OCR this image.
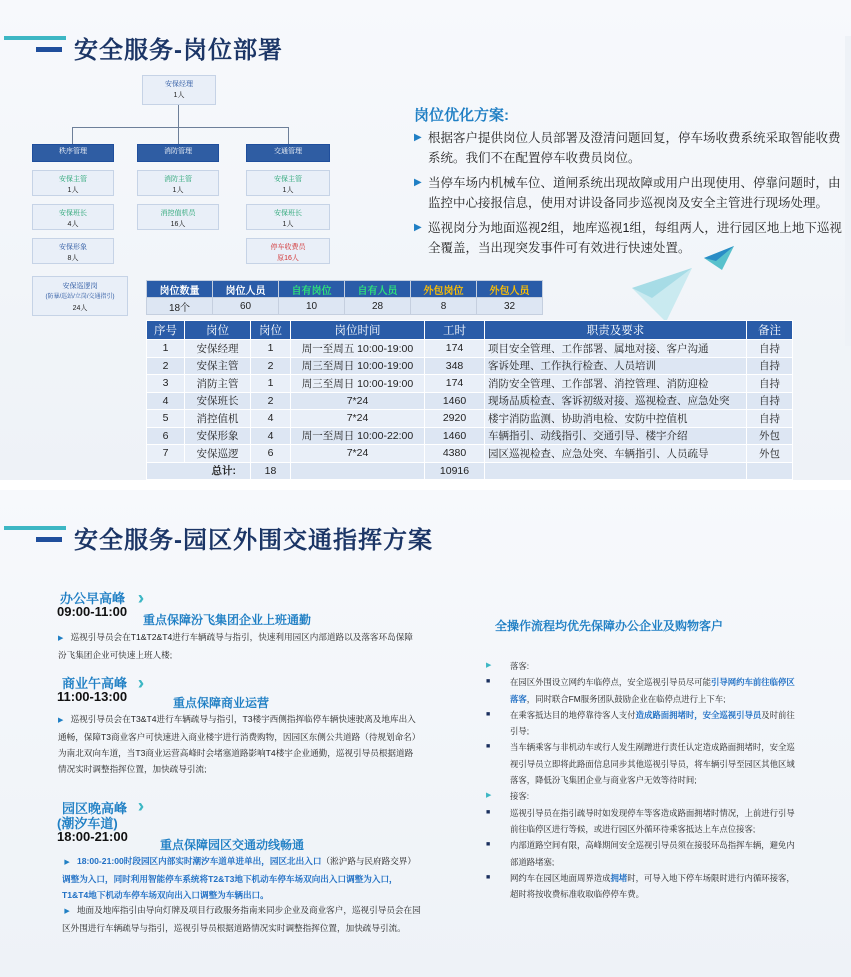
安全服务-岗位部署
安保经理
1人
秩序管理	消防管理	交通管理
安保主管
1人
安保班长
4人
安保形象
8人
安保巡逻岗
(防暴/巡站/立岗/交通指引)
24人
消防主管
1人
消控值机员
16人
安保主管
1人
安保班长
1人
停车收费员
原16人
岗位优化方案:
▶ 根据客户提供岗位人员部署及澄清问题回复，停车场收费系统采取智能收费系统。我们不在配置停车收费员岗位。
▶ 当停车场内机械车位、道闸系统出现故障或用户出现使用、停靠问题时，由监控中心接报信息，使用对讲设备同步巡视岗及安全主管进行现场处理。
▶ 巡视岗分为地面巡视2组，地库巡视1组，每组两人，进行园区地上地下巡视全覆盖，当出现突发事件可有效进行快速处置。
岗位数量	岗位人员	自有岗位	自有人员	外包岗位	外包人员
18个	60	10	28	8	32
序号	岗位	岗位	岗位时间	工时	职责及要求	备注
1	安保经理	1	周一至周五 10:00-19:00	174	项目安全管理、工作部署、属地对接、客户沟通	自持
2	安保主管	2	周三至周日 10:00-19:00	348	客诉处理、工作执行检查、人员培训	自持
3	消防主管	1	周三至周日 10:00-19:00	174	消防安全管理、工作部署、消控管理、消防迎检	自持
4	安保班长	2	7*24	1460	现场品质检查、客诉初级对接、巡视检查、应急处突	自持
5	消控值机	4	7*24	2920	楼宇消防监测、协助消电检、安防中控值机	自持
6	安保形象	4	周一至周日 10:00-22:00	1460	车辆指引、动线指引、交通引导、楼宇介绍	外包
7	安保巡逻	6	7*24	4380	园区巡视检查、应急处突、车辆指引、人员疏导	外包
总计:		18		10916		
安全服务-园区外围交通指挥方案
办公早高峰
09:00-11:00
重点保障汾飞集团企业上班通勤
▶ 巡视引导员会在T1&T2&T4进行车辆疏导与指引，快速利用园区内部道路以及落客环岛保障汾飞集团企业可快速上班人楼;
商业午高峰
11:00-13:00	重点保障商业运营
▶ 巡视引导员会在T3&T4进行车辆疏导与指引，T3楼宇西侧指挥临停车辆快速驶离及地库出入通畅，保障T3商业客户可快速进入商业楼宇进行消费购物，因园区东侧公共道路（待规划命名）为南北双向车道，当T3商业运营高峰时会堵塞道路影响T4楼宇企业通勤，巡视引导员根据道路情况实时调整指挥位置，加快疏导引流;
园区晚高峰
(潮汐车道)
18:00-21:00
重点保障园区交通动线畅通
▶ 18:00-21:00时段园区内部实时潮汐车道单进单出，园区北出入口（淞沪路与民府路交界）调整为入口，同时利用智能停车系统将T2&T3地下机动车停车场双向出入口调整为入口，T1&T4地下机动车停车场双向出入口调整为车辆出口。
▶ 地面及地库指引由导向灯牌及项目行政服务指南来同步企业及商业客户，巡视引导员会在园区外围进行车辆疏导与指引，巡视引导员根据道路情况实时调整指挥位置，加快疏导引流。
全操作流程均优先保障办公企业及购物客户
▶ 落客:
■ 在园区外围设立网约车临停点，安全巡视引导员尽可能引导网约车前往临停区落客，同时联合FM服务团队鼓励企业在临停点进行上下车;
■ 在乘客抵达目的地停靠待客人支付造成路面拥堵时，安全巡视引导员及时前往引导;
■ 当车辆乘客与非机动车或行人发生剐蹭进行责任认定造成路面拥堵时，安全巡视引导员立即将此路面信息同步其他巡视引导员，将车辆引导至园区其他区域落客，降低汾飞集团企业与商业客户无效等待时间;
▶ 接客:
■ 巡视引导员在指引疏导时如发现停车等客造成路面拥堵时情况，上前进行引导前往临停区进行等候，或进行园区外循环待乘客抵达上车点位接客;
■ 内部道路空间有限，高峰期间安全巡视引导员须在接驳环岛指挥车辆，避免内部道路堵塞;
■ 网约车在园区地面周界造成拥堵时，可导入地下停车场限时进行内循环接客，超时将按收费标准收取临停停车费。
